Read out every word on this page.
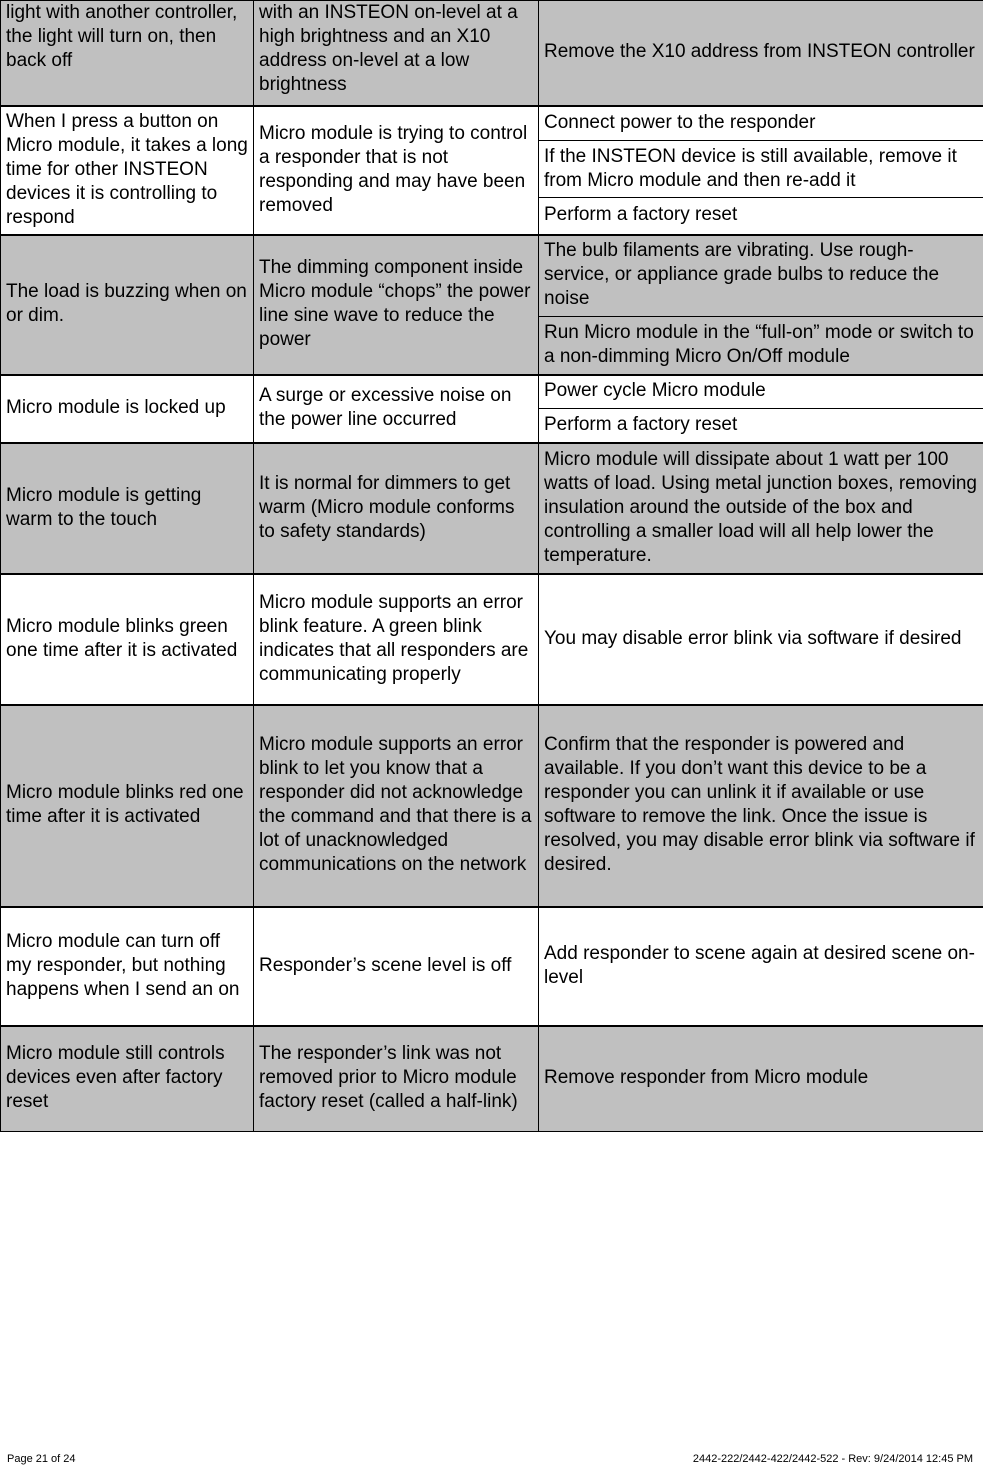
light with another controller, the light will turn on, then back off	with an INSTEON on-level at a high brightness and an X10 address on-level at a low brightness	Remove the X10 address from INSTEON controller
When I press a button on Micro module, it takes a long time for other INSTEON devices it is controlling to respond	Micro module is trying to control a responder that is not responding and may have been removed	Connect power to the responder
		If the INSTEON device is still available, remove it from Micro module and then re-add it
		Perform a factory reset
The load is buzzing when on or dim.	The dimming component inside Micro module “chops” the power line sine wave to reduce the power	The bulb filaments are vibrating. Use rough-service, or appliance grade bulbs to reduce the noise
		Run Micro module in the “full-on” mode or switch to a non-dimming Micro On/Off module
Micro module is locked up	A surge or excessive noise on the power line occurred	Power cycle Micro module
		Perform a factory reset
Micro module is getting warm to the touch	It is normal for dimmers to get warm (Micro module conforms to safety standards)	Micro module will dissipate about 1 watt per 100 watts of load. Using metal junction boxes, removing insulation around the outside of the box and controlling a smaller load will all help lower the temperature.
Micro module blinks green one time after it is activated	Micro module supports an error blink feature. A green blink indicates that all responders are communicating properly	You may disable error blink via software if desired
Micro module blinks red one time after it is activated	Micro module supports an error blink to let you know that a responder did not acknowledge the command and that there is a lot of unacknowledged communications on the network	Confirm that the responder is powered and available. If you don’t want this device to be a responder you can unlink it if available or use software to remove the link. Once the issue is resolved, you may disable error blink via software if desired.
Micro module can turn off my responder, but nothing happens when I send an on	Responder’s scene level is off	Add responder to scene again at desired scene on-level
Micro module still controls devices even after factory reset	The responder’s link was not removed prior to Micro module factory reset (called a half-link)	Remove responder from Micro module
Page 21 of 24	2442-222/2442-422/2442-522 - Rev: 9/24/2014 12:45 PM
